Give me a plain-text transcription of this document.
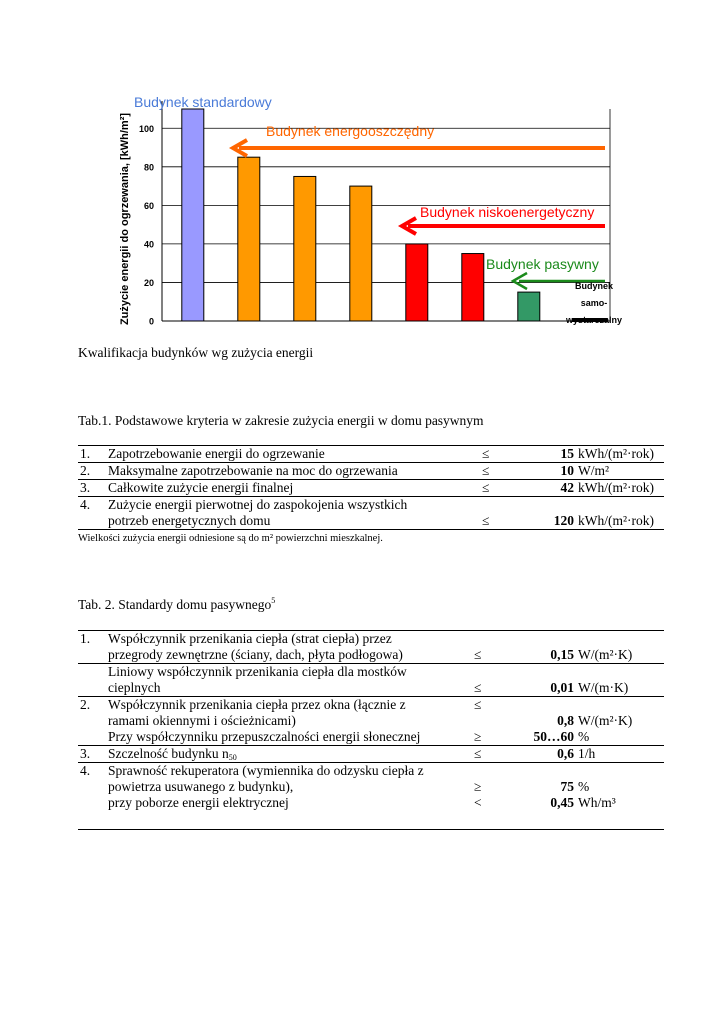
0
20
40
60
80
100
Zużycie energii do ogrzewania, [kWh/m²]
Budynek standardowy
Budynek energooszczędny
Budynek niskoenergetyczny
Budynek pasywny
Budynek
samo-
wystarczalny
Kwalifikacja budynków wg zużycia energii
Tab.1. Podstawowe kryteria w zakresie zużycia energii w domu pasywnym
1.	Zapotrzebowanie energii do ogrzewanie	≤	15	kWh/(m²·rok)
2.	Maksymalne zapotrzebowanie na moc do ogrzewania	≤	10	W/m²
3.	Całkowite zużycie energii finalnej	≤	42	kWh/(m²·rok)
4.	Zużycie energii pierwotnej do zaspokojenia wszystkich
potrzeb energetycznych domu	≤	120	kWh/(m²·rok)
Wielkości zużycia energii odniesione są do m² powierzchni mieszkalnej.
Tab. 2. Standardy domu pasywnego$^5$
1.	Współczynnik przenikania ciepła (strat ciepła) przez			
	przegrody zewnętrzne (ściany, dach, płyta podłogowa)	≤	0,15	W/(m²·K)
	Liniowy współczynnik przenikania ciepła dla mostków			
	cieplnych	≤	0,01	W/(m·K)
2.	Współczynnik przenikania ciepła przez okna (łącznie z	≤		
	ramami okiennymi i ościeżnicami)		0,8	W/(m²·K)
	Przy współczynniku przepuszczalności energii słonecznej	≥	50…60	%
3.	Szczelność budynku $n_{50}$	≤	0,6	1/h
4.	Sprawność rekuperatora (wymiennika do odzysku ciepła z			
	powietrza usuwanego z budynku),	≥	75	%
	przy poborze energii elektrycznej	<	0,45	Wh/m³
